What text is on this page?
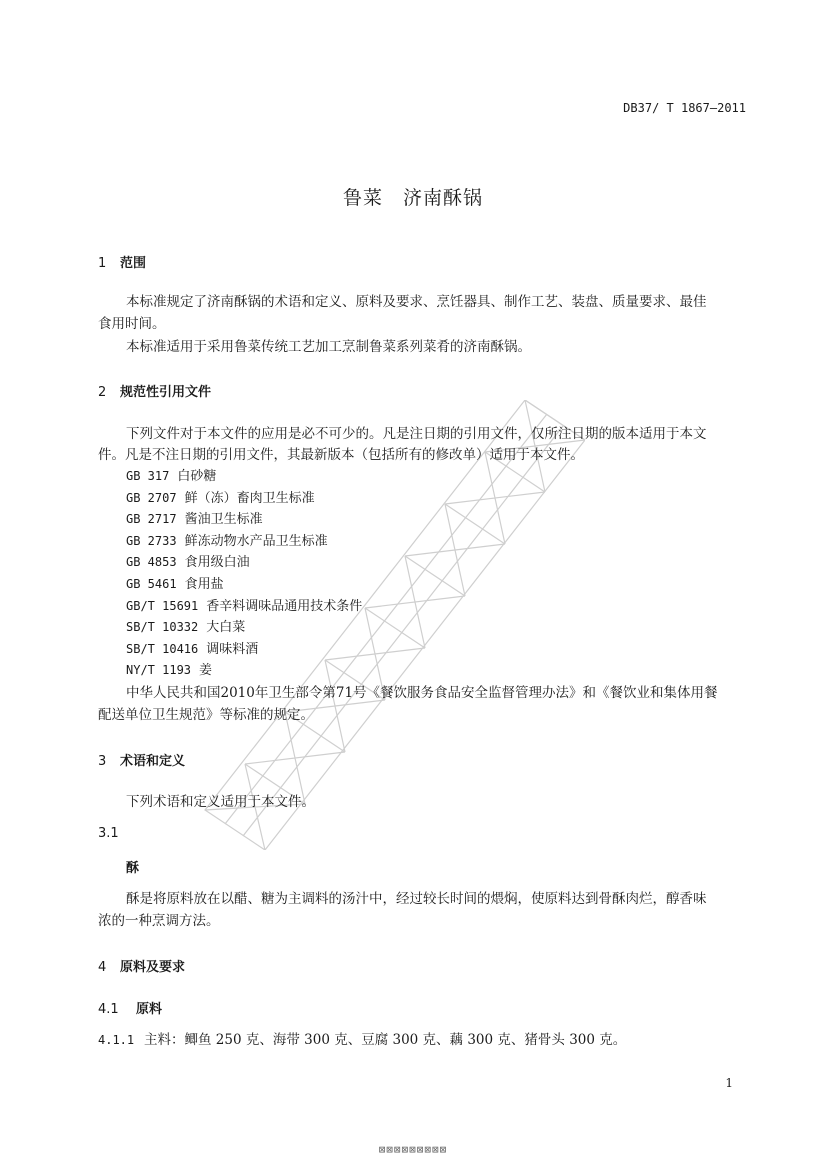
DB37/ T 1867—2011
鲁菜　济南酥锅
1 范围
本标准规定了济南酥锅的术语和定义、原料及要求、烹饪器具、制作工艺、装盘、质量要求、最佳
食用时间。
本标准适用于采用鲁菜传统工艺加工烹制鲁菜系列菜肴的济南酥锅。
2 规范性引用文件
下列文件对于本文件的应用是必不可少的。凡是注日期的引用文件，仅所注日期的版本适用于本文
件。凡是不注日期的引用文件，其最新版本（包括所有的修改单）适用于本文件。
GB 317 白砂糖
GB 2707 鲜（冻）畜肉卫生标准
GB 2717 酱油卫生标准
GB 2733 鲜冻动物水产品卫生标准
GB 4853 食用级白油
GB 5461 食用盐
GB/T 15691 香辛料调味品通用技术条件
SB/T 10332 大白菜
SB/T 10416 调味料酒
NY/T 1193 姜
中华人民共和国2010年卫生部令第71号《餐饮服务食品安全监督管理办法》和《餐饮业和集体用餐
配送单位卫生规范》等标准的规定。
3 术语和定义
下列术语和定义适用于本文件。
3.1
酥
酥是将原料放在以醋、糖为主调料的汤汁中，经过较长时间的煨焖，使原料达到骨酥肉烂，醇香味
浓的一种烹调方法。
4 原料及要求
4.1 原料
4.1.1 主料：鲫鱼 250 克、海带 300 克、豆腐 300 克、藕 300 克、猪骨头 300 克。
1
⊠⊠⊠⊠⊠⊠⊠⊠⊠
